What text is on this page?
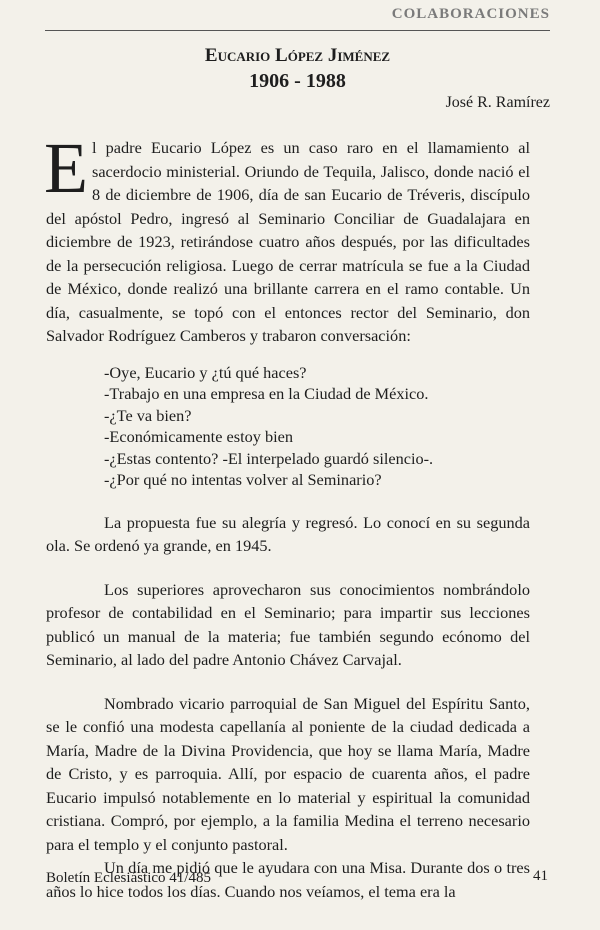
COLABORACIONES

Eucario López Jiménez

1906 - 1988

José R. Ramírez

El padre Eucario López es un caso raro en el llamamiento al sacerdocio ministerial. Oriundo de Tequila, Jalisco, donde nació el 8 de diciembre de 1906, día de san Eucario de Tréveris, discípulo del apóstol Pedro, ingresó al Seminario Conciliar de Guadalajara en diciembre de 1923, retirándose cuatro años después, por las dificultades de la persecución religiosa. Luego de cerrar matrícula se fue a la Ciudad de México, donde realizó una brillante carrera en el ramo contable. Un día, casualmente, se topó con el entonces rector del Seminario, don Salvador Rodríguez Camberos y trabaron conversación:

-Oye, Eucario y ¿tú qué haces?
-Trabajo en una empresa en la Ciudad de México.
-¿Te va bien?
-Económicamente estoy bien
-¿Estas contento? -El interpelado guardó silencio-.
-¿Por qué no intentas volver al Seminario?

La propuesta fue su alegría y regresó. Lo conocí en su segunda ola. Se ordenó ya grande, en 1945.

Los superiores aprovecharon sus conocimientos nombrándolo profesor de contabilidad en el Seminario; para impartir sus lecciones publicó un manual de la materia; fue también segundo ecónomo del Seminario, al lado del padre Antonio Chávez Carvajal.

Nombrado vicario parroquial de San Miguel del Espíritu Santo, se le confió una modesta capellanía al poniente de la ciudad dedicada a María, Madre de la Divina Providencia, que hoy se llama María, Madre de Cristo, y es parroquia. Allí, por espacio de cuarenta años, el padre Eucario impulsó notablemente en lo material y espiritual la comunidad cristiana. Compró, por ejemplo, a la familia Medina el terreno necesario para el templo y el conjunto pastoral.

Un día me pidió que le ayudara con una Misa. Durante dos o tres años lo hice todos los días. Cuando nos veíamos, el tema era la

Boletín Eclesiástico 41/485	41
